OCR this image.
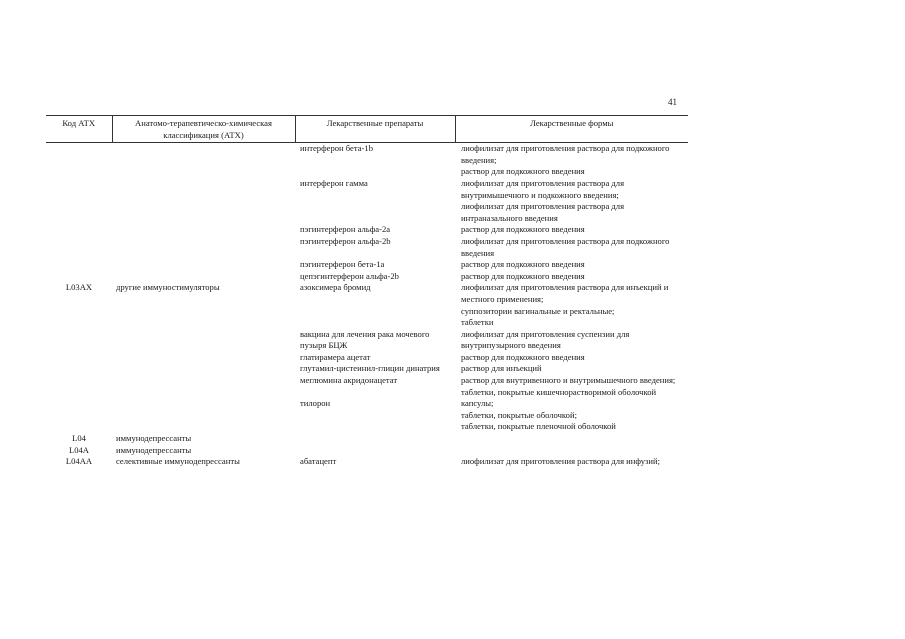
41
Код АТХ	Анатомо-терапевтическо-химическая классификация (АТХ)	Лекарственные препараты	Лекарственные формы
		интерферон бета-1b	лиофилизат для приготовления раствора для подкожного введения;
раствор для подкожного введения

		интерферон гамма	лиофилизат для приготовления раствора для внутримышечного и подкожного введения;
лиофилизат для приготовления раствора для интраназального введения

		пэгинтерферон альфа-2a	раствор для подкожного введения

		пэгинтерферон альфа-2b	лиофилизат для приготовления раствора для подкожного введения

		пэгинтерферон бета-1a	раствор для подкожного введения

		цепэгинтерферон альфа-2b	раствор для подкожного введения

L03AX	другие иммуностимуляторы	азоксимера бромид	лиофилизат для приготовления раствора для инъекций и местного применения;
суппозитории вагинальные и ректальные;
таблетки

		вакцина для лечения рака мочевого пузыря БЦЖ	лиофилизат для приготовления суспензии для внутрипузырного введения

		глатирамера ацетат	раствор для подкожного введения

		глутамил-цистеинил-глицин динатрия	раствор для инъекций

		меглюмина акридонацетат	раствор для внутривенного и внутримышечного введения;
таблетки, покрытые кишечнорастворимой оболочкой

		тилорон	капсулы;
таблетки, покрытые оболочкой;
таблетки, покрытые пленочной оболочкой

L04	иммунодепрессанты		
L04A	иммунодепрессанты		
L04AA	селективные иммунодепрессанты	абатацепт	лиофилизат для приготовления раствора для инфузий;
